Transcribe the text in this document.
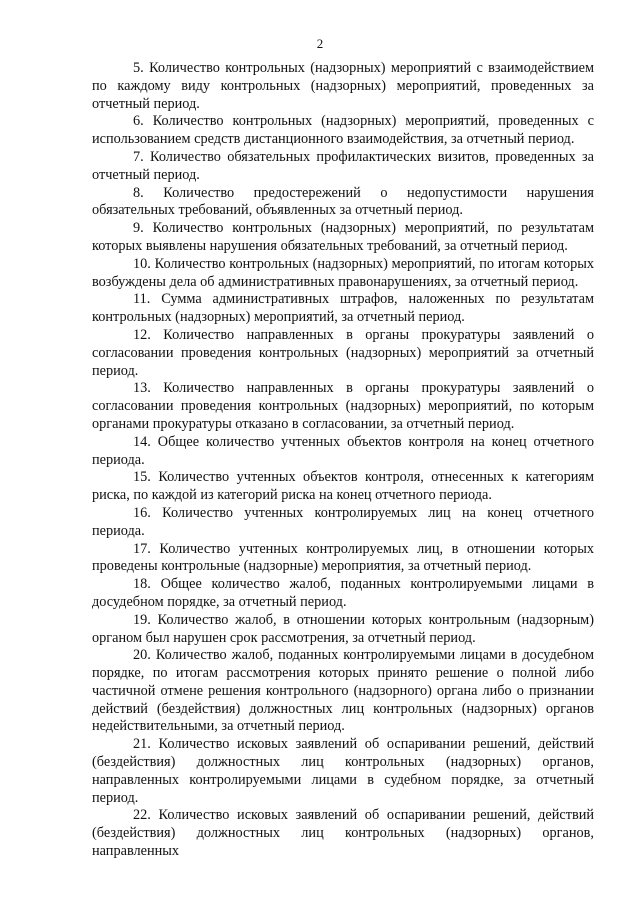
2

5. Количество контрольных (надзорных) мероприятий с взаимодействием по каждому виду контрольных (надзорных) мероприятий, проведенных за отчетный период.

6. Количество контрольных (надзорных) мероприятий, проведенных с использованием средств дистанционного взаимодействия, за отчетный период.

7. Количество обязательных профилактических визитов, проведенных за отчетный период.

8. Количество предостережений о недопустимости нарушения обязательных требований, объявленных за отчетный период.

9. Количество контрольных (надзорных) мероприятий, по результатам которых выявлены нарушения обязательных требований, за отчетный период.

10. Количество контрольных (надзорных) мероприятий, по итогам которых возбуждены дела об административных правонарушениях, за отчетный период.

11. Сумма административных штрафов, наложенных по результатам контрольных (надзорных) мероприятий, за отчетный период.

12. Количество направленных в органы прокуратуры заявлений о согласовании проведения контрольных (надзорных) мероприятий за отчетный период.

13. Количество направленных в органы прокуратуры заявлений о согласовании проведения контрольных (надзорных) мероприятий, по которым органами прокуратуры отказано в согласовании, за отчетный период.

14. Общее количество учтенных объектов контроля на конец отчетного периода.

15. Количество учтенных объектов контроля, отнесенных к категориям риска, по каждой из категорий риска на конец отчетного периода.

16. Количество учтенных контролируемых лиц на конец отчетного периода.

17. Количество учтенных контролируемых лиц, в отношении которых проведены контрольные (надзорные) мероприятия, за отчетный период.

18. Общее количество жалоб, поданных контролируемыми лицами в досудебном порядке, за отчетный период.

19. Количество жалоб, в отношении которых контрольным (надзорным) органом был нарушен срок рассмотрения, за отчетный период.

20. Количество жалоб, поданных контролируемыми лицами в досудебном порядке, по итогам рассмотрения которых принято решение о полной либо частичной отмене решения контрольного (надзорного) органа либо о признании действий (бездействия) должностных лиц контрольных (надзорных) органов недействительными, за отчетный период.

21. Количество исковых заявлений об оспаривании решений, действий (бездействия) должностных лиц контрольных (надзорных) органов, направленных контролируемыми лицами в судебном порядке, за отчетный период.

22. Количество исковых заявлений об оспаривании решений, действий (бездействия) должностных лиц контрольных (надзорных) органов, направленных
